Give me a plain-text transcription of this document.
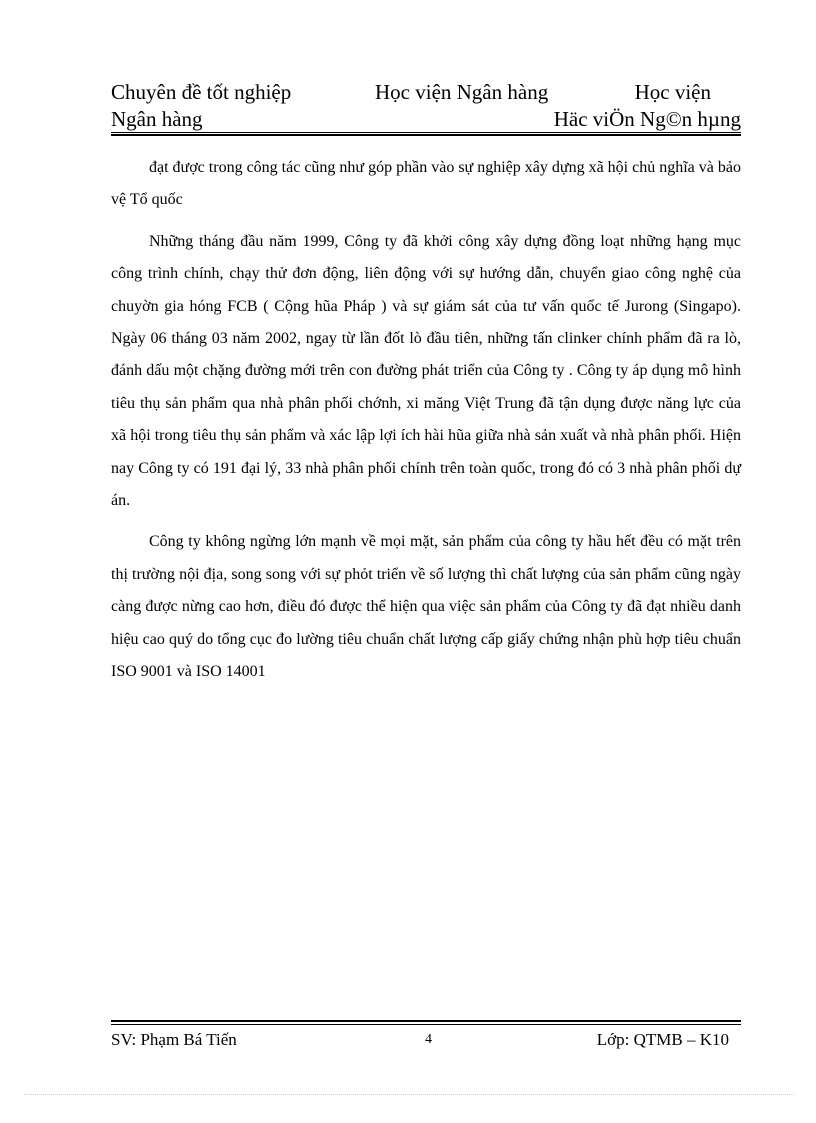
Chuyên đề tốt nghiệp	Học viện Ngân hàng	Học viện
Ngân hàng	Häc viÖn Ng©n hµng

đạt được trong công tác cũng như góp phần vào sự nghiệp xây dựng xã hội chủ nghĩa và bảo vệ Tổ quốc

Những tháng đầu năm 1999, Công ty đã khởi công xây dựng đồng loạt những hạng mục công trình chính, chạy thử đơn động, liên động với sự hướng dẫn, chuyển giao công nghệ của chuyờn gia hóng FCB ( Cộng hũa Pháp ) và sự giám sát của tư vấn quốc tế Jurong (Singapo). Ngày 06 tháng 03 năm 2002, ngay từ lần đốt lò đầu tiên, những tấn clinker chính phẩm đã ra lò, đánh dấu một chặng đường mới trên con đường phát triển của Công ty . Công ty áp dụng mô hình tiêu thụ sản phẩm qua nhà phân phối chớnh, xi măng Việt Trung đã tận dụng được năng lực của xã hội trong tiêu thụ sản phẩm và xác lập lợi ích hài hũa giữa nhà sản xuất và nhà phân phối. Hiện nay Công ty có 191 đại lý, 33 nhà phân phối chính trên toàn quốc, trong đó có 3 nhà phân phối dự án.

Công ty không ngừng lớn mạnh về mọi mặt, sản phẩm của công ty hầu hết đều có mặt trên thị trường nội địa, song song với sự phỏt triển về số lượng thì chất lượng của sản phẩm cũng ngày càng được nừng cao hơn, điều đó được thể hiện qua việc sản phẩm của Công ty đã đạt nhiều danh hiệu cao quý do tổng cục đo lường tiêu chuẩn chất lượng cấp giấy chứng nhận phù hợp tiêu chuẩn ISO 9001 và ISO 14001

SV: Phạm Bá Tiến	4	Lớp: QTMB – K10
